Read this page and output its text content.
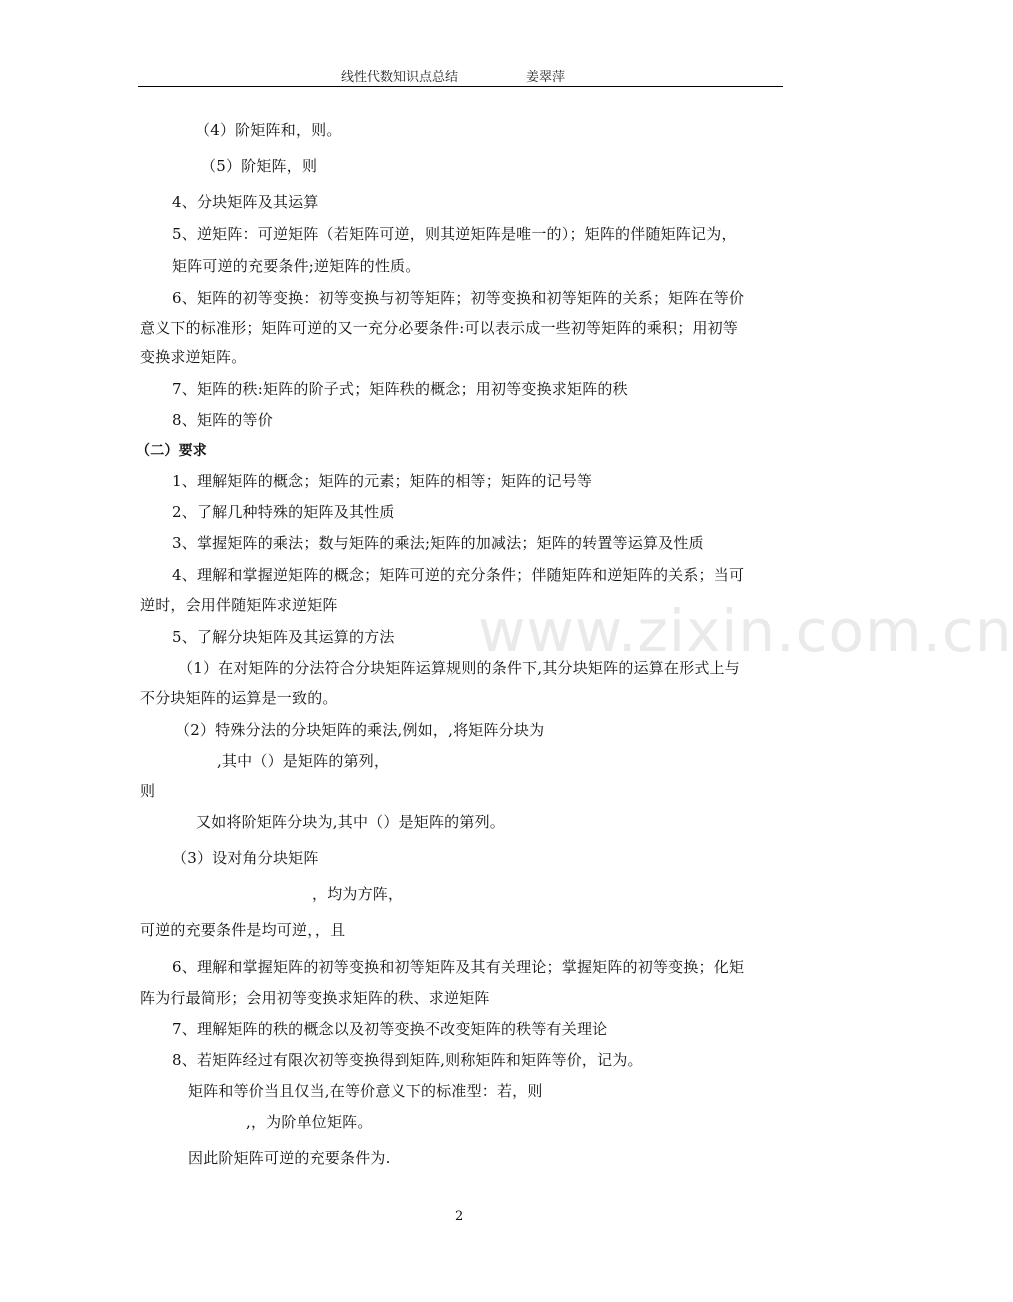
线性代数知识点总结	姜翠萍
www.zixin.com.cn
（4）阶矩阵和，则。
（5）阶矩阵，则
4、分块矩阵及其运算
5、逆矩阵：可逆矩阵（若矩阵可逆，则其逆矩阵是唯一的）；矩阵的伴随矩阵记为，
矩阵可逆的充要条件;逆矩阵的性质。
6、矩阵的初等变换：初等变换与初等矩阵；初等变换和初等矩阵的关系；矩阵在等价
意义下的标准形；矩阵可逆的又一充分必要条件:可以表示成一些初等矩阵的乘积；用初等
变换求逆矩阵。
7、矩阵的秩:矩阵的阶子式；矩阵秩的概念；用初等变换求矩阵的秩
8、矩阵的等价
（二）要求
1、理解矩阵的概念；矩阵的元素；矩阵的相等；矩阵的记号等
2、了解几种特殊的矩阵及其性质
3、掌握矩阵的乘法；数与矩阵的乘法;矩阵的加减法；矩阵的转置等运算及性质
4、理解和掌握逆矩阵的概念；矩阵可逆的充分条件；伴随矩阵和逆矩阵的关系；当可
逆时，会用伴随矩阵求逆矩阵
5、了解分块矩阵及其运算的方法
（1）在对矩阵的分法符合分块矩阵运算规则的条件下,其分块矩阵的运算在形式上与
不分块矩阵的运算是一致的。
（2）特殊分法的分块矩阵的乘法,例如，,将矩阵分块为
,其中（）是矩阵的第列，
则
又如将阶矩阵分块为,其中（）是矩阵的第列。
（3）设对角分块矩阵
，均为方阵，
可逆的充要条件是均可逆，，且
6、理解和掌握矩阵的初等变换和初等矩阵及其有关理论；掌握矩阵的初等变换；化矩
阵为行最简形；会用初等变换求矩阵的秩、求逆矩阵
7、理解矩阵的秩的概念以及初等变换不改变矩阵的秩等有关理论
8、若矩阵经过有限次初等变换得到矩阵,则称矩阵和矩阵等价，记为。
矩阵和等价当且仅当,在等价意义下的标准型：若，则
,，为阶单位矩阵。
因此阶矩阵可逆的充要条件为.
2
